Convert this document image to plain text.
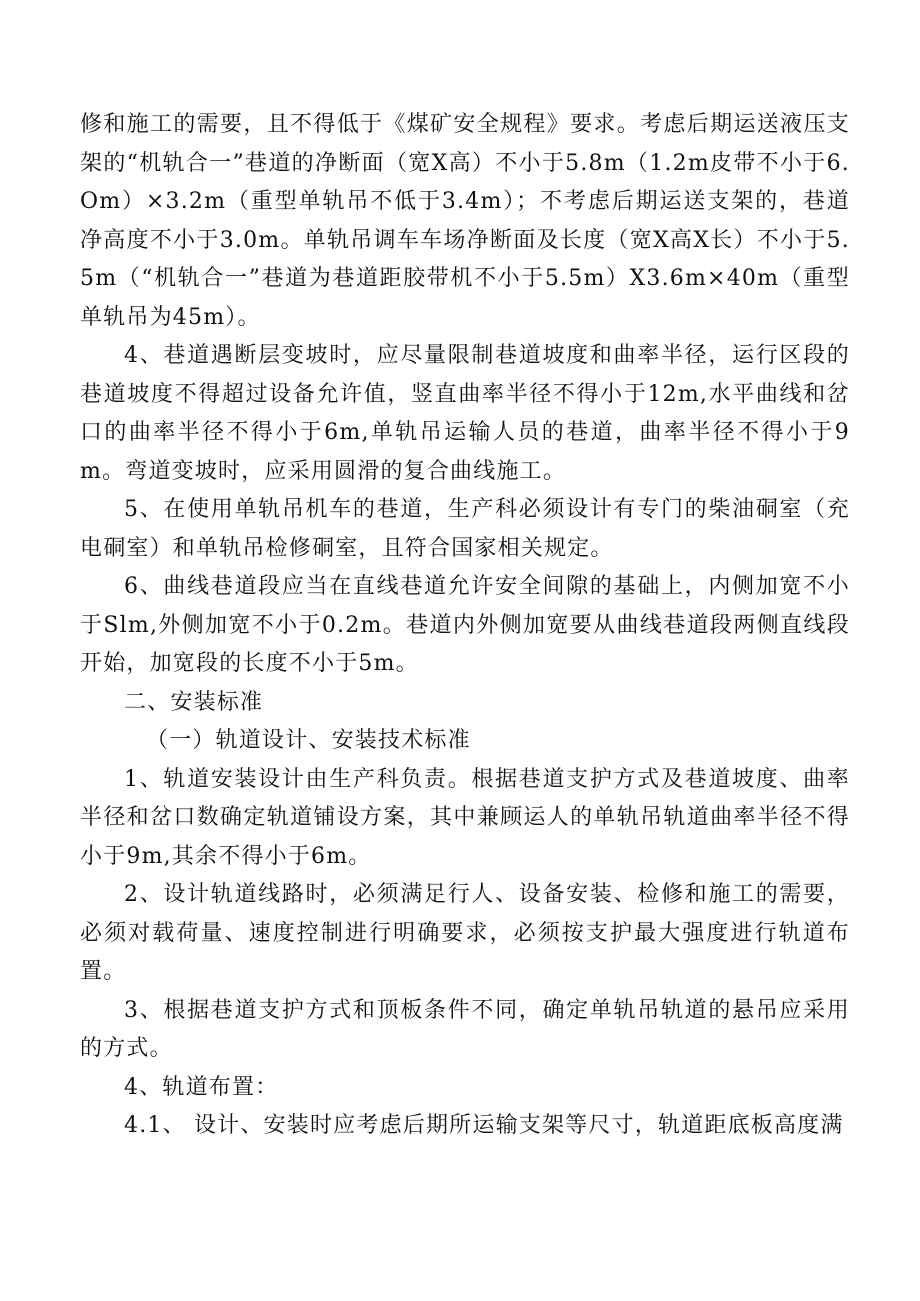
修和施工的需要，且不得低于《煤矿安全规程》要求。考虑后期运送液压支架的“机轨合一”巷道的净断面（宽X高）不小于5.8m（1.2m皮带不小于6.Om）×3.2m（重型单轨吊不低于3.4m）；不考虑后期运送支架的，巷道净高度不小于3.0m。单轨吊调车车场净断面及长度（宽X高X长）不小于5.5m（“机轨合一”巷道为巷道距胶带机不小于5.5m）X3.6m×40m（重型单轨吊为45m）。

4、巷道遇断层变坡时，应尽量限制巷道坡度和曲率半径，运行区段的巷道坡度不得超过设备允许值，竖直曲率半径不得小于12m,水平曲线和岔口的曲率半径不得小于6m,单轨吊运输人员的巷道，曲率半径不得小于9m。弯道变坡时，应采用圆滑的复合曲线施工。

5、在使用单轨吊机车的巷道，生产科必须设计有专门的柴油硐室（充电硐室）和单轨吊检修硐室，且符合国家相关规定。

6、曲线巷道段应当在直线巷道允许安全间隙的基础上，内侧加宽不小于Slm,外侧加宽不小于0.2m。巷道内外侧加宽要从曲线巷道段两侧直线段开始，加宽段的长度不小于5m。

二、安装标准

（一）轨道设计、安装技术标准

1、轨道安装设计由生产科负责。根据巷道支护方式及巷道坡度、曲率半径和岔口数确定轨道铺设方案，其中兼顾运人的单轨吊轨道曲率半径不得小于9m,其余不得小于6m。

2、设计轨道线路时，必须满足行人、设备安装、检修和施工的需要，必须对载荷量、速度控制进行明确要求，必须按支护最大强度进行轨道布置。

3、根据巷道支护方式和顶板条件不同，确定单轨吊轨道的悬吊应采用的方式。

4、轨道布置：

4.1、 设计、安装时应考虑后期所运输支架等尺寸，轨道距底板高度满
